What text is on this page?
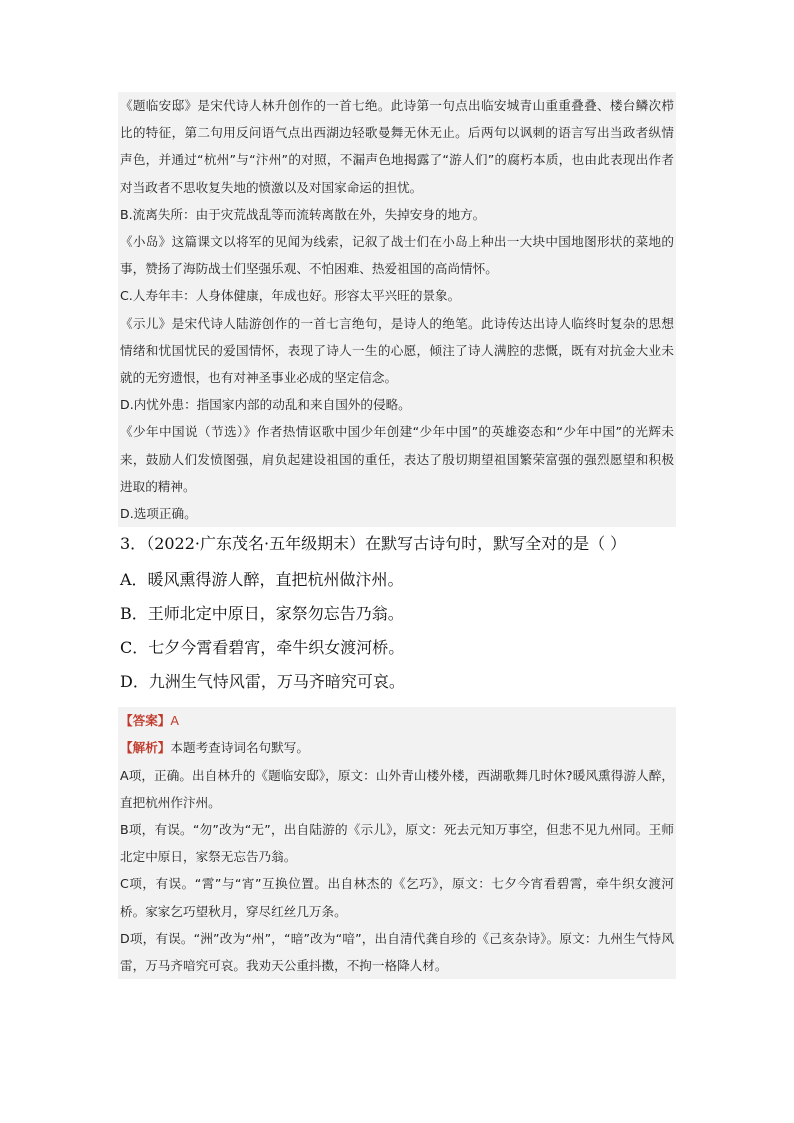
《题临安邸》是宋代诗人林升创作的一首七绝。此诗第一句点出临安城青山重重叠叠、楼台鳞次栉比的特征，第二句用反问语气点出西湖边轻歌曼舞无休无止。后两句以讽刺的语言写出当政者纵情声色，并通过“杭州”与“汴州”的对照，不漏声色地揭露了“游人们”的腐朽本质，也由此表现出作者对当政者不思收复失地的愤激以及对国家命运的担忧。

B.流离失所：由于灾荒战乱等而流转离散在外，失掉安身的地方。

《小岛》这篇课文以将军的见闻为线索，记叙了战士们在小岛上种出一大块中国地图形状的菜地的事，赞扬了海防战士们坚强乐观、不怕困难、热爱祖国的高尚情怀。

C.人寿年丰：人身体健康，年成也好。形容太平兴旺的景象。

《示儿》是宋代诗人陆游创作的一首七言绝句，是诗人的绝笔。此诗传达出诗人临终时复杂的思想情绪和忧国忧民的爱国情怀，表现了诗人一生的心愿，倾注了诗人满腔的悲慨，既有对抗金大业未就的无穷遗恨，也有对神圣事业必成的坚定信念。

D.内忧外患：指国家内部的动乱和来自国外的侵略。

《少年中国说（节选）》作者热情讴歌中国少年创建“少年中国”的英雄姿态和“少年中国”的光辉未来，鼓励人们发愤图强，肩负起建设祖国的重任，表达了殷切期望祖国繁荣富强的强烈愿望和积极进取的精神。

D.选项正确。

3．（2022·广东茂名·五年级期末）在默写古诗句时，默写全对的是（ ）
A．暖风熏得游人醉，直把杭州做汴州。
B．王师北定中原日，家祭勿忘告乃翁。
C．七夕今霄看碧宵，牵牛织女渡河桥。
D．九洲生气恃风雷，万马齐暗究可哀。

【答案】A

【解析】本题考查诗词名句默写。

A项，正确。出自林升的《题临安邸》，原文：山外青山楼外楼，西湖歌舞几时休?暖风熏得游人醉，直把杭州作汴州。

B项，有误。“勿”改为“无”，出自陆游的《示儿》，原文：死去元知万事空，但悲不见九州同。王师北定中原日，家祭无忘告乃翁。

C项，有误。“霄”与“宵”互换位置。出自林杰的《乞巧》，原文：七夕今宵看碧霄，牵牛织女渡河桥。家家乞巧望秋月，穿尽红丝几万条。

D项，有误。“洲”改为“州”，“暗”改为“喑”，出自清代龚自珍的《己亥杂诗》。原文：九州生气恃风雷，万马齐喑究可哀。我劝天公重抖擞，不拘一格降人材。
